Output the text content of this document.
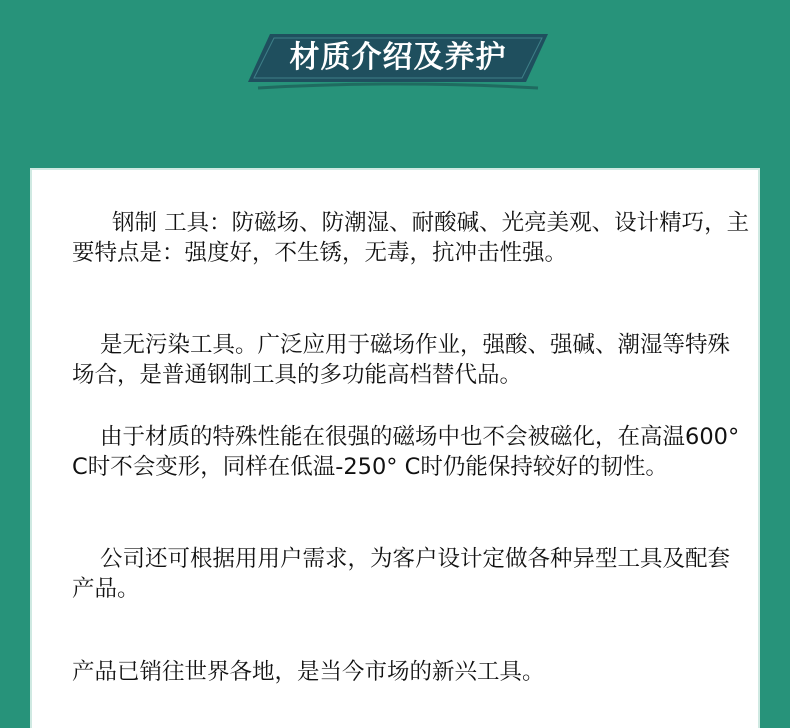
材质介绍及养护

钢制 工具：防磁场、防潮湿、耐酸碱、光亮美观、设计精巧，主要特点是：强度好，不生锈，无毒，抗冲击性强。

是无污染工具。广泛应用于磁场作业，强酸、强碱、潮湿等特殊场合，是普通钢制工具的多功能高档替代品。

由于材质的特殊性能在很强的磁场中也不会被磁化，在高温600° C时不会变形，同样在低温-250° C时仍能保持较好的韧性。

公司还可根据用用户需求，为客户设计定做各种异型工具及配套产品。

产品已销往世界各地，是当今市场的新兴工具。
